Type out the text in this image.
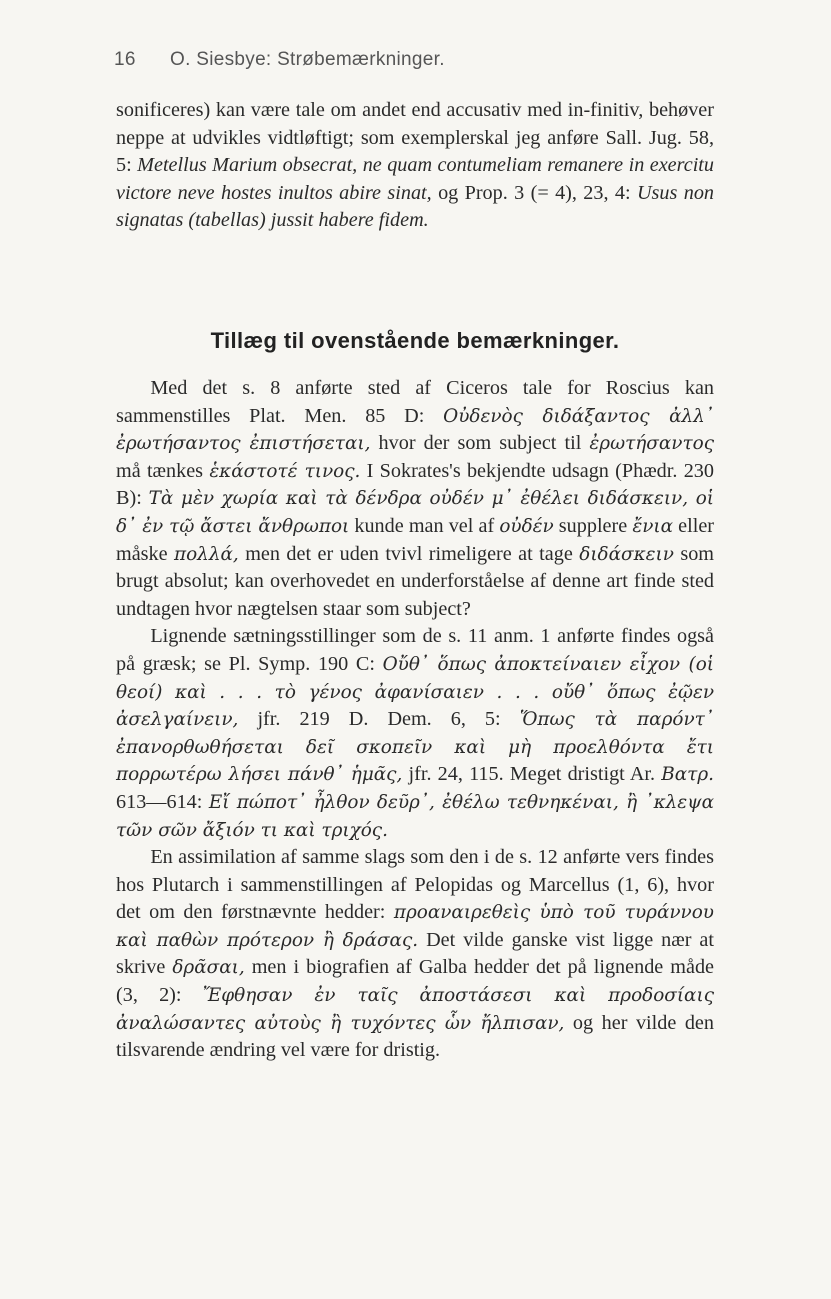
16 O. Siesbye: Strøbemærkninger.

sonificeres) kan være tale om andet end accusativ med in-finitiv, behøver neppe at udvikles vidtløftigt; som exemplerskal jeg anføre Sall. Jug. 58, 5: Metellus Marium obsecrat, ne quam contumeliam remanere in exercitu victore neve hostes inultos abire sinat, og Prop. 3 (= 4), 23, 4: Usus non signatas (tabellas) jussit habere fidem.

Tillæg til ovenstående bemærkninger.

Med det s. 8 anførte sted af Ciceros tale for Roscius kan sammenstilles Plat. Men. 85 D: Οὐδενὸς διδάξαντος ἀλλ᾽ ἐρωτήσαντος ἐπιστήσεται, hvor der som subject til ἐρωτήσαντος må tænkes ἑκάστοτέ τινος. I Sokrates's bekjendte udsagn (Phædr. 230 B): Τὰ μὲν χωρία καὶ τὰ δένδρα οὐδέν μ᾽ ἐθέλει διδάσκειν, οἱ δ᾽ ἐν τῷ ἄστει ἄνθρωποι kunde man vel af οὐδέν supplere ἔνια eller måske πολλά, men det er uden tvivl rimeligere at tage διδάσκειν som brugt absolut; kan overhovedet en underforståelse af denne art finde sted undtagen hvor nægtelsen staar som subject?

Lignende sætningsstillinger som de s. 11 anm. 1 anførte findes også på græsk; se Pl. Symp. 190 C: Οὔθ᾽ ὅπως ἀποκτείναιεν εἶχον (οἱ θεοί) καὶ . . . τὸ γένος ἀφανίσαιεν . . . οὔθ᾽ ὅπως ἐῷεν ἀσελγαίνειν, jfr. 219 D. Dem. 6, 5: Ὅπως τὰ παρόντ᾽ ἐπανορθωθήσεται δεῖ σκοπεῖν καὶ μὴ προελθόντα ἔτι πορρωτέρω λήσει πάνθ᾽ ἡμᾶς, jfr. 24, 115. Meget dristigt Ar. Βατρ. 613—614: Εἴ πώποτ᾽ ἦλθον δεῦρ᾽, ἐθέλω τεθνηκέναι, ἢ ᾽κλεψα τῶν σῶν ἄξιόν τι καὶ τριχός.

En assimilation af samme slags som den i de s. 12 anførte vers findes hos Plutarch i sammenstillingen af Pelopidas og Marcellus (1, 6), hvor det om den førstnævnte hedder: προαναιρεθεὶς ὑπὸ τοῦ τυράννου καὶ παθὼν πρότερον ἢ δράσας. Det vilde ganske vist ligge nær at skrive δρᾶσαι, men i biografien af Galba hedder det på lignende måde (3, 2): Ἔφθησαν ἐν ταῖς ἀποστάσεσι καὶ προδοσίαις ἀναλώσαντες αὐτοὺς ἢ τυχόντες ὧν ἤλπισαν, og her vilde den tilsvarende ændring vel være for dristig.
